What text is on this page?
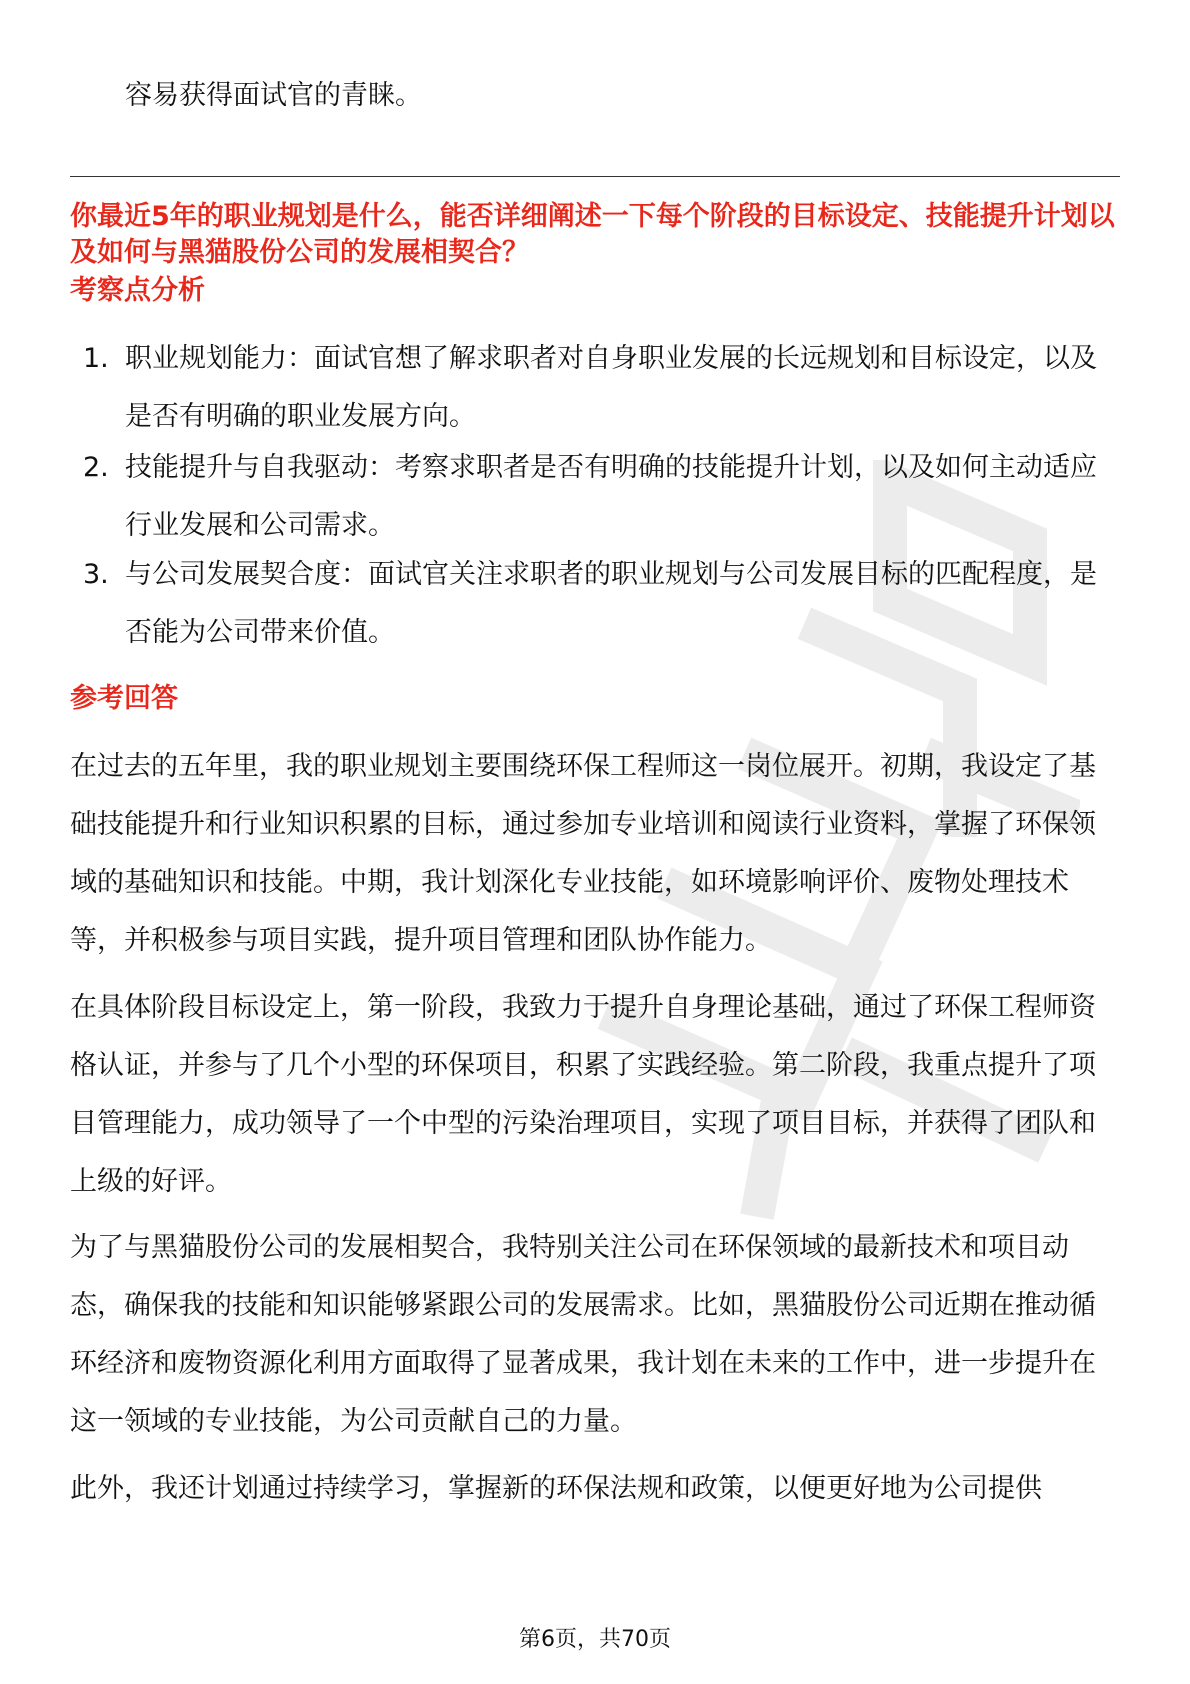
容易获得面试官的青睐。
你最近5年的职业规划是什么，能否详细阐述一下每个阶段的目标设定、技能提升计划以及如何与黑猫股份公司的发展相契合？
考察点分析
1. 职业规划能力：面试官想了解求职者对自身职业发展的长远规划和目标设定，以及是否有明确的职业发展方向。
2. 技能提升与自我驱动：考察求职者是否有明确的技能提升计划，以及如何主动适应行业发展和公司需求。
3. 与公司发展契合度：面试官关注求职者的职业规划与公司发展目标的匹配程度，是否能为公司带来价值。
参考回答
在过去的五年里，我的职业规划主要围绕环保工程师这一岗位展开。初期，我设定了基础技能提升和行业知识积累的目标，通过参加专业培训和阅读行业资料，掌握了环保领域的基础知识和技能。中期，我计划深化专业技能，如环境影响评价、废物处理技术等，并积极参与项目实践，提升项目管理和团队协作能力。
在具体阶段目标设定上，第一阶段，我致力于提升自身理论基础，通过了环保工程师资格认证，并参与了几个小型的环保项目，积累了实践经验。第二阶段，我重点提升了项目管理能力，成功领导了一个中型的污染治理项目，实现了项目目标，并获得了团队和上级的好评。
为了与黑猫股份公司的发展相契合，我特别关注公司在环保领域的最新技术和项目动态，确保我的技能和知识能够紧跟公司的发展需求。比如，黑猫股份公司近期在推动循环经济和废物资源化利用方面取得了显著成果，我计划在未来的工作中，进一步提升在这一领域的专业技能，为公司贡献自己的力量。
此外，我还计划通过持续学习，掌握新的环保法规和政策，以便更好地为公司提供
第6页，共70页
